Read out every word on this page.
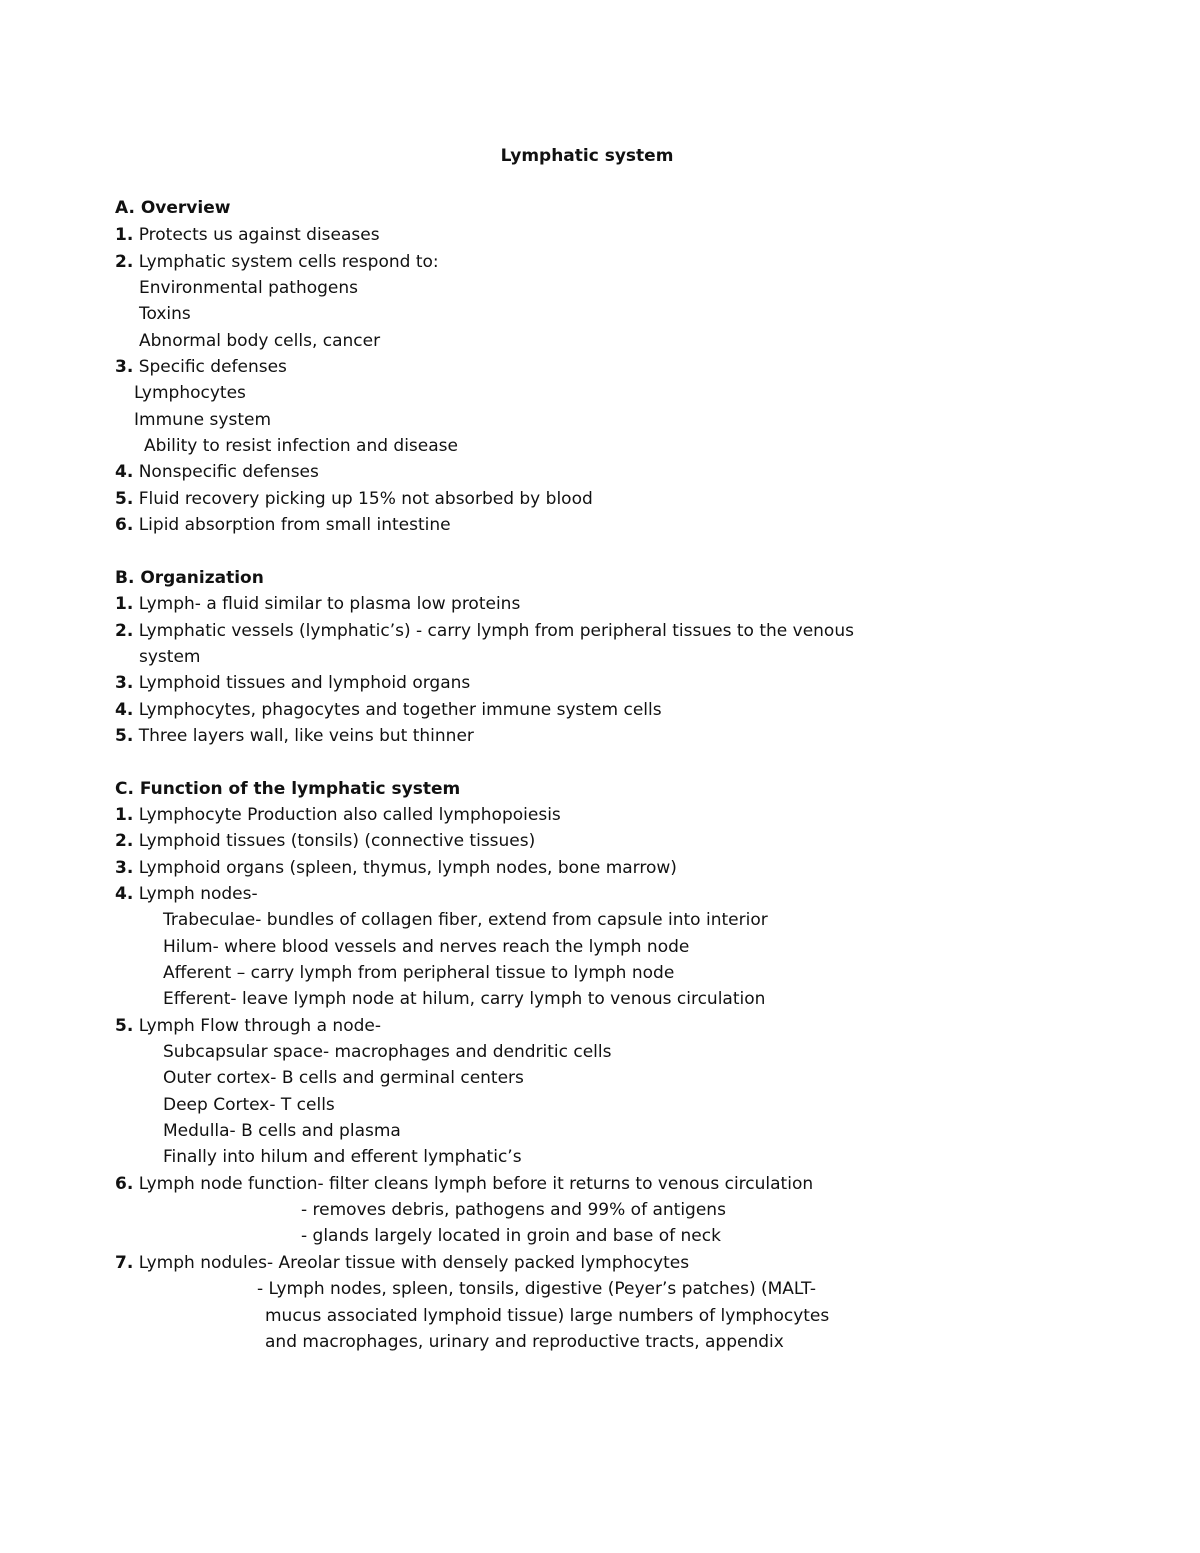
Lymphatic system
A. Overview
1. Protects us against diseases
2. Lymphatic system cells respond to:
Environmental pathogens
Toxins
Abnormal body cells, cancer
3. Specific defenses
Lymphocytes
Immune system
Ability to resist infection and disease
4. Nonspecific defenses
5. Fluid recovery picking up 15% not absorbed by blood
6. Lipid absorption from small intestine
B. Organization
1. Lymph- a fluid similar to plasma low proteins
2. Lymphatic vessels (lymphatic’s) - carry lymph from peripheral tissues to the venous
system
3. Lymphoid tissues and lymphoid organs
4. Lymphocytes, phagocytes and together immune system cells
5. Three layers wall, like veins but thinner
C. Function of the lymphatic system
1. Lymphocyte Production also called lymphopoiesis
2. Lymphoid tissues (tonsils) (connective tissues)
3. Lymphoid organs (spleen, thymus, lymph nodes, bone marrow)
4. Lymph nodes-
Trabeculae- bundles of collagen fiber, extend from capsule into interior
Hilum- where blood vessels and nerves reach the lymph node
Afferent – carry lymph from peripheral tissue to lymph node
Efferent- leave lymph node at hilum, carry lymph to venous circulation
5. Lymph Flow through a node-
Subcapsular space- macrophages and dendritic cells
Outer cortex- B cells and germinal centers
Deep Cortex- T cells
Medulla- B cells and plasma
Finally into hilum and efferent lymphatic’s
6. Lymph node function- filter cleans lymph before it returns to venous circulation
- removes debris, pathogens and 99% of antigens
- glands largely located in groin and base of neck
7. Lymph nodules- Areolar tissue with densely packed lymphocytes
- Lymph nodes, spleen, tonsils, digestive (Peyer’s patches) (MALT-
mucus associated lymphoid tissue) large numbers of lymphocytes
and macrophages, urinary and reproductive tracts, appendix
